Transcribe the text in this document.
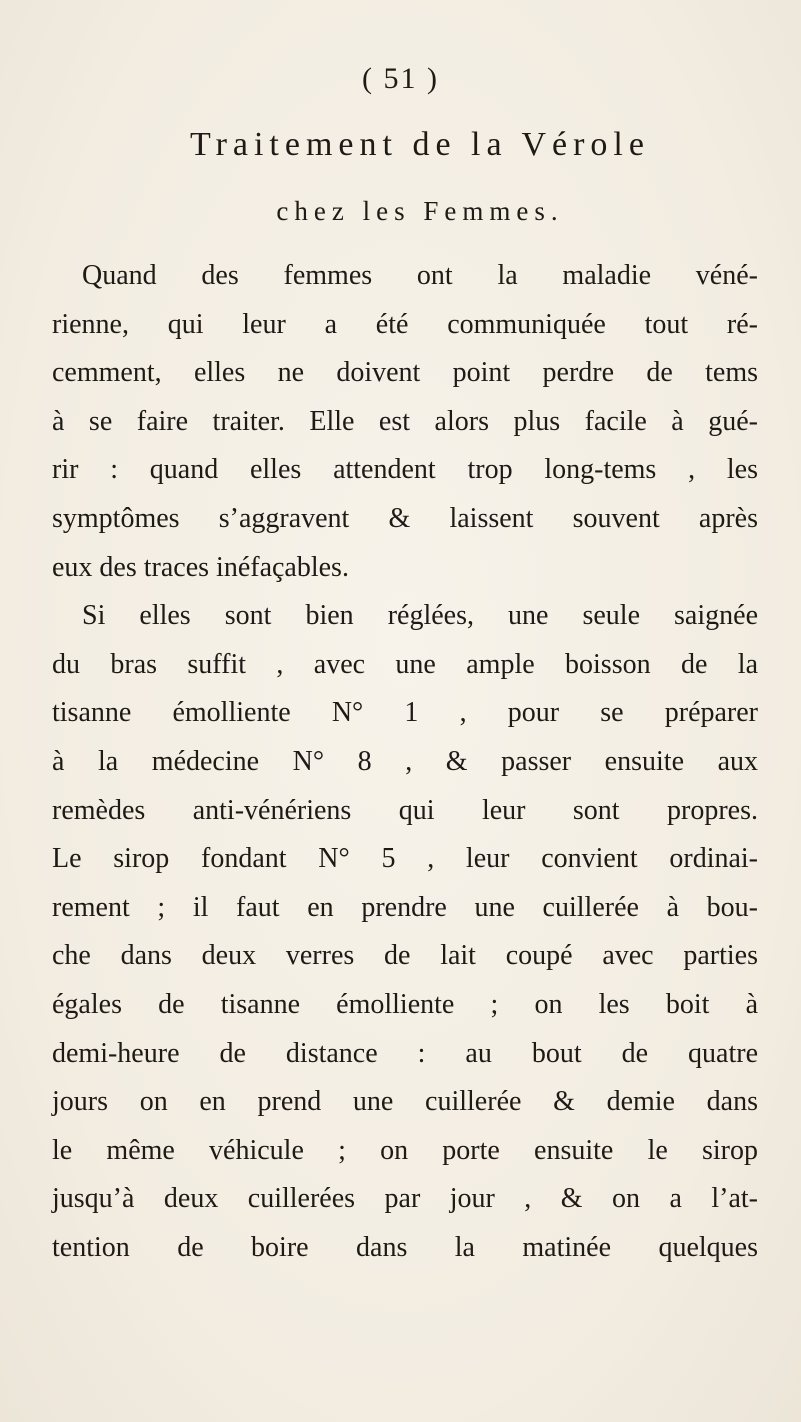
( 51 )
Traitement de la Vérole
chez les Femmes.
Quand des femmes ont la maladie véné-
rienne, qui leur a été communiquée tout ré-
cemment, elles ne doivent point perdre de tems
à se faire traiter. Elle est alors plus facile à gué-
rir : quand elles attendent trop long-tems , les
symptômes s’aggravent & laissent souvent après
eux des traces inéfaçables.
Si elles sont bien réglées, une seule saignée
du bras suffit , avec une ample boisson de la
tisanne émolliente N° 1 , pour se préparer
à la médecine N° 8 , & passer ensuite aux
remèdes anti-vénériens qui leur sont propres.
Le sirop fondant N° 5 , leur convient ordinai-
rement ; il faut en prendre une cuillerée à bou-
che dans deux verres de lait coupé avec parties
égales de tisanne émolliente ; on les boit à
demi-heure de distance : au bout de quatre
jours on en prend une cuillerée & demie dans
le même véhicule ; on porte ensuite le sirop
jusqu’à deux cuillerées par jour , & on a l’at-
tention de boire dans la matinée quelques
